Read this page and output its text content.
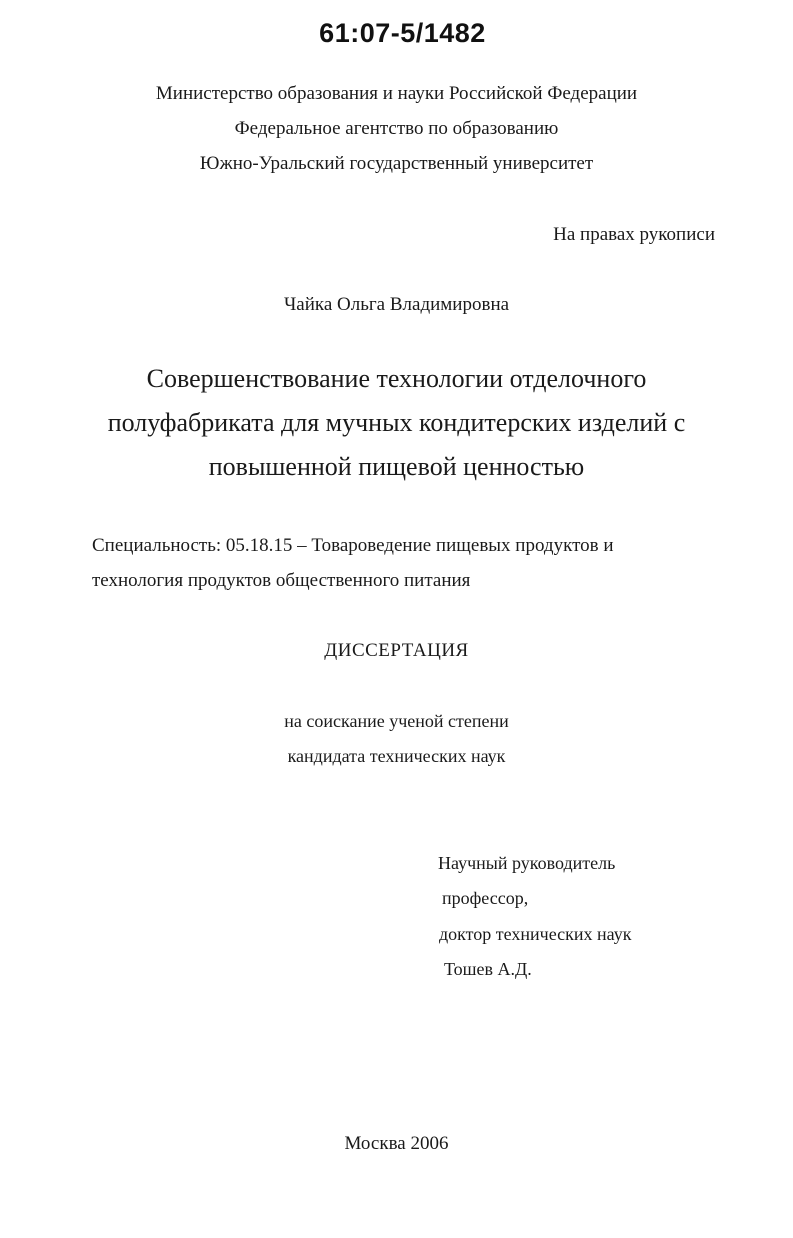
61:07-5/1482
Министерство образования и науки Российской Федерации
Федеральное агентство по образованию
Южно-Уральский государственный университет
На правах рукописи
Чайка Ольга Владимировна
Совершенствование технологии отделочного
полуфабриката для мучных кондитерских изделий с
повышенной пищевой ценностью
Специальность: 05.18.15 – Товароведение пищевых продуктов и
технология продуктов общественного питания
ДИССЕРТАЦИЯ
на соискание ученой степени
кандидата технических наук
Научный руководитель
профессор,
доктор технических наук
Тошев А.Д.
Москва 2006
